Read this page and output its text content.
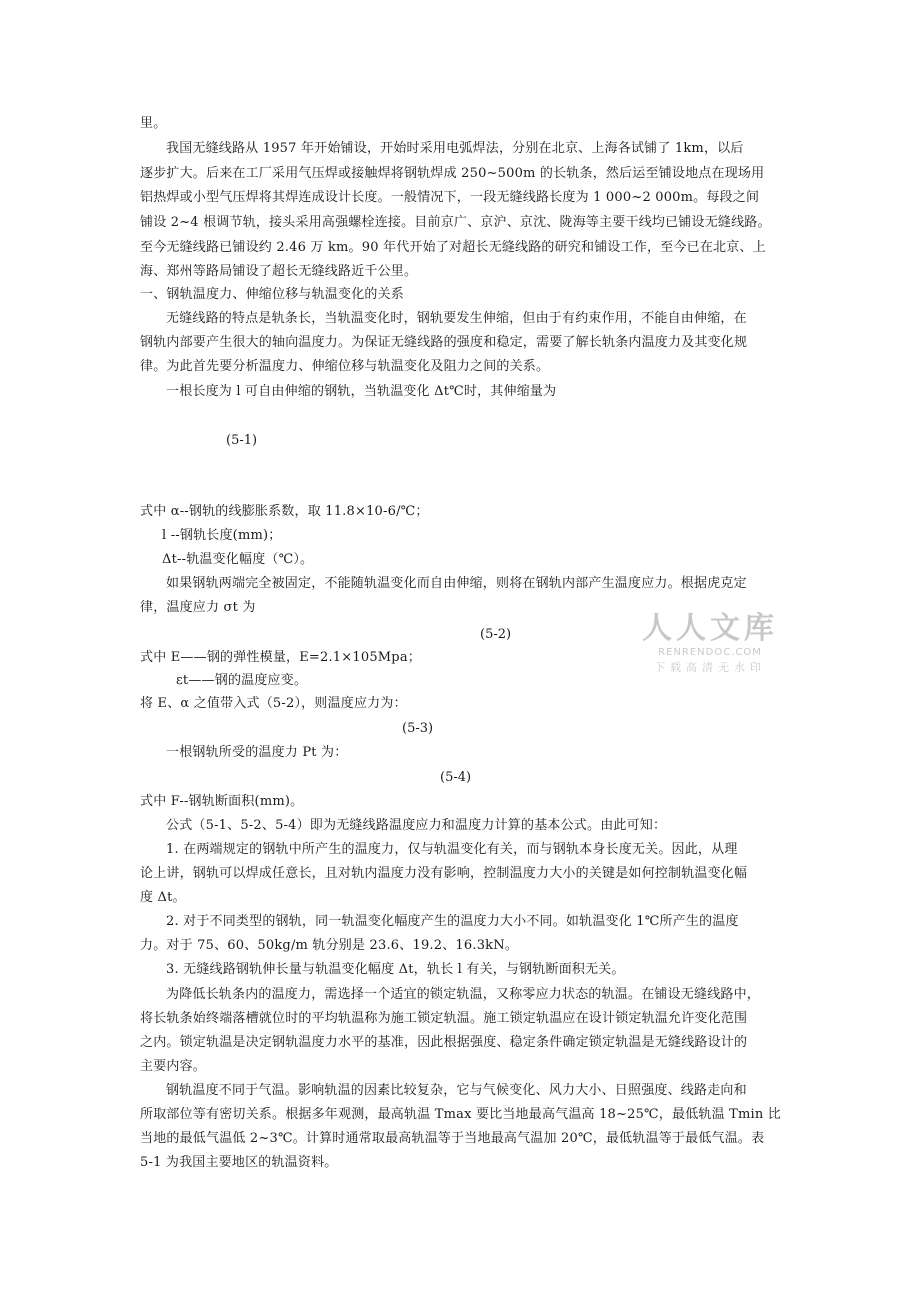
里。
我国无缝线路从 1957 年开始铺设，开始时采用电弧焊法，分别在北京、上海各试铺了 1km，以后
逐步扩大。后来在工厂采用气压焊或接触焊将钢轨焊成 250~500m 的长轨条，然后运至铺设地点在现场用
铝热焊或小型气压焊将其焊连成设计长度。一般情况下，一段无缝线路长度为 1 000~2 000m。每段之间
铺设 2~4 根调节轨，接头采用高强螺栓连接。目前京广、京沪、京沈、陇海等主要干线均已铺设无缝线路。
至今无缝线路已铺设约 2.46 万 km。90 年代开始了对超长无缝线路的研究和铺设工作，至今已在北京、上
海、郑州等路局铺设了超长无缝线路近千公里。
一、钢轨温度力、伸缩位移与轨温变化的关系
无缝线路的特点是轨条长，当轨温变化时，钢轨要发生伸缩，但由于有约束作用，不能自由伸缩，在
钢轨内部要产生很大的轴向温度力。为保证无缝线路的强度和稳定，需要了解长轨条内温度力及其变化规
律。为此首先要分析温度力、伸缩位移与轨温变化及阻力之间的关系。
一根长度为 l 可自由伸缩的钢轨，当轨温变化 Δt℃时，其伸缩量为
(5-1)
式中 α--钢轨的线膨胀系数，取 11.8×10-6/℃；
l --钢轨长度(mm)；
Δt--轨温变化幅度（℃）。
如果钢轨两端完全被固定，不能随轨温变化而自由伸缩，则将在钢轨内部产生温度应力。根据虎克定
律，温度应力 σt 为
(5-2)
式中 E——钢的弹性模量，E=2.1×105Mpa；
εt——钢的温度应变。
将 E、α 之值带入式（5-2），则温度应力为：
(5-3)
一根钢轨所受的温度力 Pt 为：
(5-4)
式中 F--钢轨断面积(mm)。
公式（5-1、5-2、5-4）即为无缝线路温度应力和温度力计算的基本公式。由此可知：
1. 在两端规定的钢轨中所产生的温度力，仅与轨温变化有关，而与钢轨本身长度无关。因此，从理
论上讲，钢轨可以焊成任意长，且对轨内温度力没有影响，控制温度力大小的关键是如何控制轨温变化幅
度 Δt。
2. 对于不同类型的钢轨，同一轨温变化幅度产生的温度力大小不同。如轨温变化 1℃所产生的温度
力。对于 75、60、50kg/m 轨分别是 23.6、19.2、16.3kN。
3. 无缝线路钢轨伸长量与轨温变化幅度 Δt，轨长 l 有关，与钢轨断面积无关。
为降低长轨条内的温度力，需选择一个适宜的锁定轨温，又称零应力状态的轨温。在铺设无缝线路中，
将长轨条始终端落槽就位时的平均轨温称为施工锁定轨温。施工锁定轨温应在设计锁定轨温允许变化范围
之内。锁定轨温是决定钢轨温度力水平的基准，因此根据强度、稳定条件确定锁定轨温是无缝线路设计的
主要内容。
钢轨温度不同于气温。影响轨温的因素比较复杂，它与气候变化、风力大小、日照强度、线路走向和
所取部位等有密切关系。根据多年观测，最高轨温 Tmax 要比当地最高气温高 18~25℃，最低轨温 Tmin 比
当地的最低气温低 2~3℃。计算时通常取最高轨温等于当地最高气温加 20℃，最低轨温等于最低气温。表
5-1 为我国主要地区的轨温资料。
人人文库
RENRENDOC.COM
下载高清无水印
